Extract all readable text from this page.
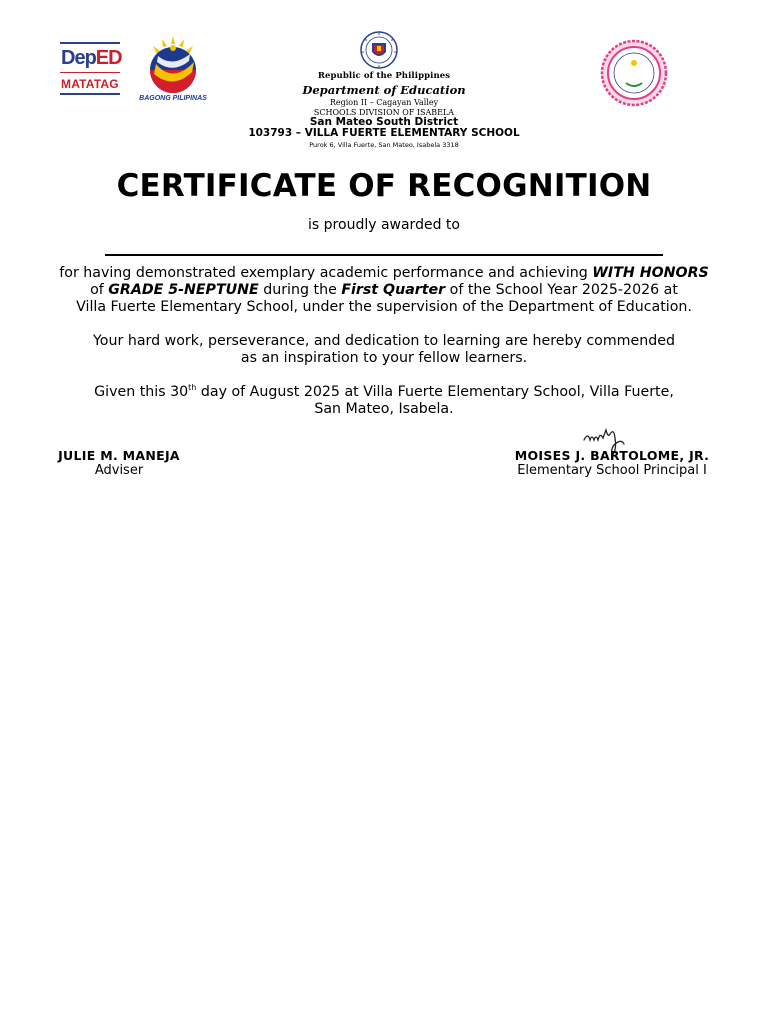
DepED
MATATAG
BAGONG PILIPINAS
Republic of the Philippines
Department of Education
Region II – Cagayan Valley
SCHOOLS DIVISION OF ISABELA
San Mateo South District
103793 – VILLA FUERTE ELEMENTARY SCHOOL
Purok 6, Villa Fuerte, San Mateo, Isabela 3318
CERTIFICATE OF RECOGNITION
is proudly awarded to
for having demonstrated exemplary academic performance and achieving WITH HONORS
of GRADE 5-NEPTUNE during the First Quarter of the School Year 2025-2026 at
Villa Fuerte Elementary School, under the supervision of the Department of Education.
Your hard work, perseverance, and dedication to learning are hereby commended
as an inspiration to your fellow learners.
Given this 30th day of August 2025 at Villa Fuerte Elementary School, Villa Fuerte,
San Mateo, Isabela.
JULIE M. MANEJA
Adviser
MOISES J. BARTOLOME, JR.
Elementary School Principal I
